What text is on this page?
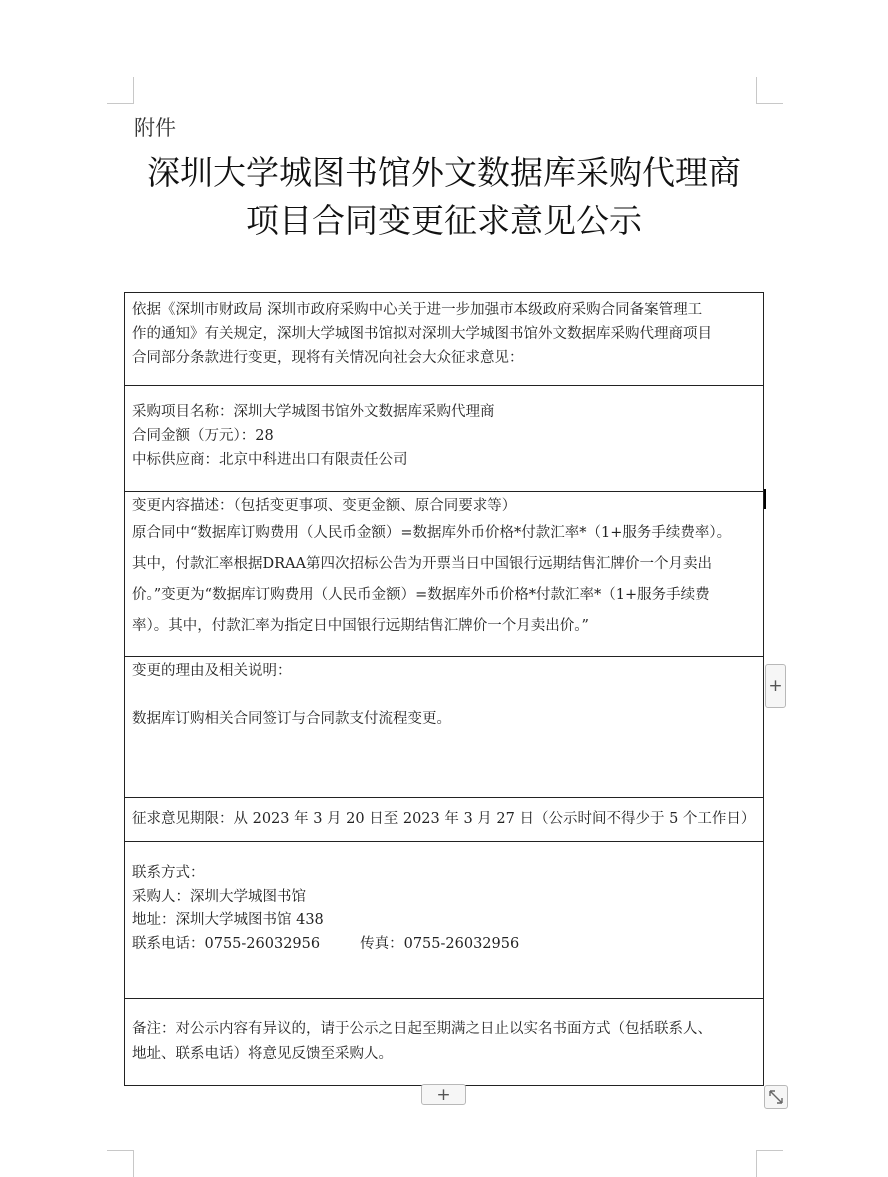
附件
深圳大学城图书馆外文数据库采购代理商
项目合同变更征求意见公示
依据《深圳市财政局 深圳市政府采购中心关于进一步加强市本级政府采购合同备案管理工
作的通知》有关规定，深圳大学城图书馆拟对深圳大学城图书馆外文数据库采购代理商项目
合同部分条款进行变更，现将有关情况向社会大众征求意见：
采购项目名称：深圳大学城图书馆外文数据库采购代理商
合同金额（万元）：28
中标供应商：北京中科进出口有限责任公司
变更内容描述：（包括变更事项、变更金额、原合同要求等）
原合同中“数据库订购费用（人民币金额）=数据库外币价格*付款汇率*（1+服务手续费率）。
其中，付款汇率根据DRAA第四次招标公告为开票当日中国银行远期结售汇牌价一个月卖出
价。”变更为“数据库订购费用（人民币金额）=数据库外币价格*付款汇率*（1+服务手续费
率）。其中，付款汇率为指定日中国银行远期结售汇牌价一个月卖出价。”
变更的理由及相关说明：
数据库订购相关合同签订与合同款支付流程变更。
征求意见期限：从 2023 年 3 月 20 日至 2023 年 3 月 27 日（公示时间不得少于 5 个工作日）
联系方式：
采购人：深圳大学城图书馆
地址：深圳大学城图书馆 438
联系电话：0755-26032956	传真：0755-26032956
备注：对公示内容有异议的，请于公示之日起至期满之日止以实名书面方式（包括联系人、
地址、联系电话）将意见反馈至采购人。
+
+
